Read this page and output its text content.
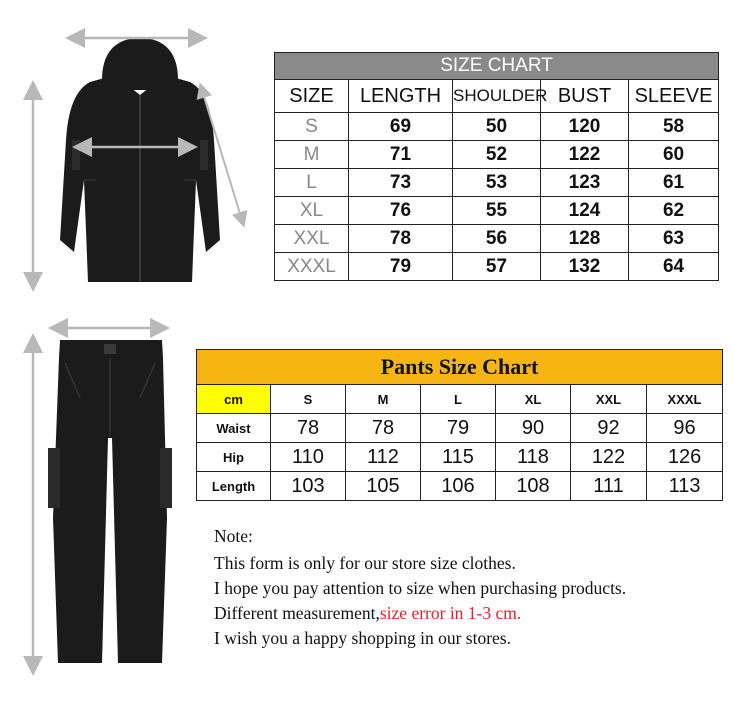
SIZE CHART				
SIZE	LENGTH	SHOULDER	BUST	SLEEVE
S	69	50	120	58
M	71	52	122	60
L	73	53	123	61
XL	76	55	124	62
XXL	78	56	128	63
XXXL	79	57	132	64
Pants Size Chart						
cm	S	M	L	XL	XXL	XXXL
Waist	78	78	79	90	92	96
Hip	110	112	115	118	122	126
Length	103	105	106	108	111	113
Note:
This form is only for our store size clothes.
I hope you pay attention to size when purchasing products.
Different measurement,size error in 1-3 cm.
I wish you a happy shopping in our stores.
